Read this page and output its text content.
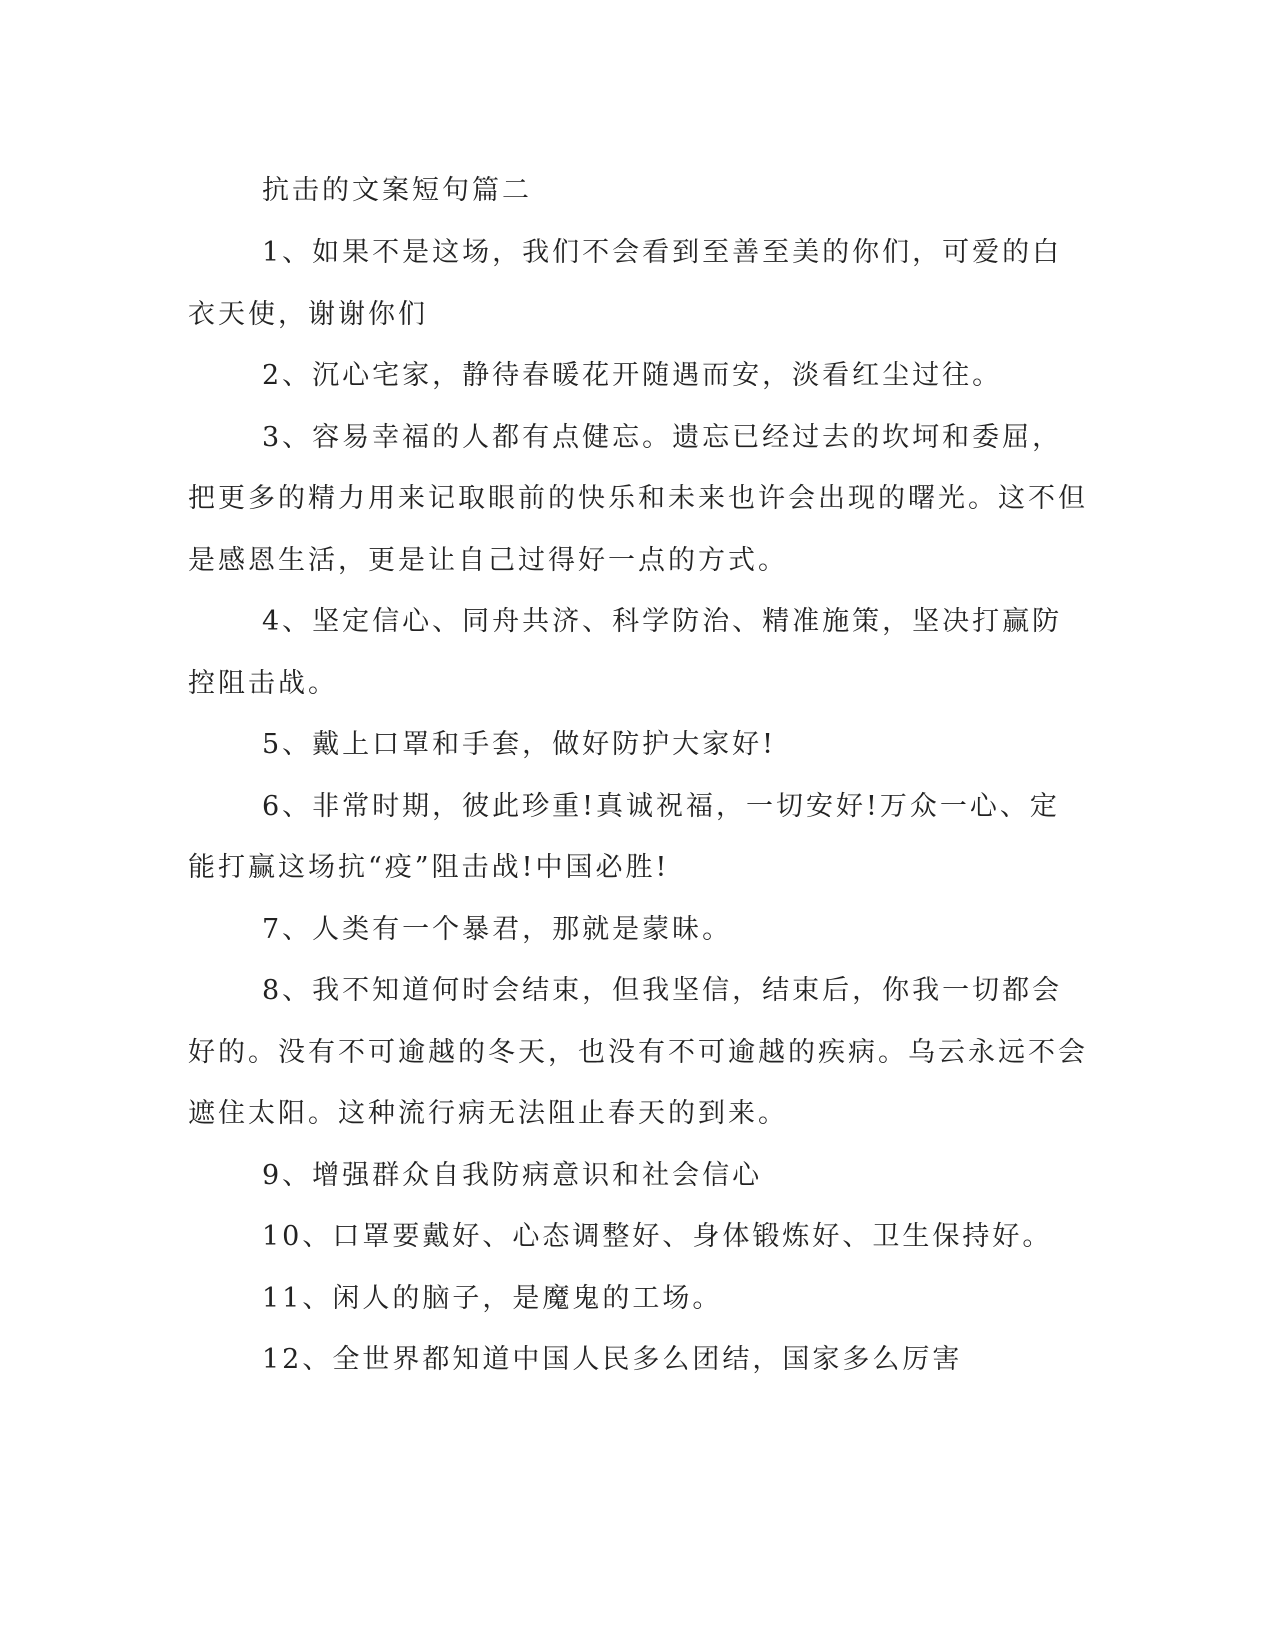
抗击的文案短句篇二

1、如果不是这场，我们不会看到至善至美的你们，可爱的白衣天使，谢谢你们

2、沉心宅家，静待春暖花开随遇而安，淡看红尘过往。

3、容易幸福的人都有点健忘。遗忘已经过去的坎坷和委屈，把更多的精力用来记取眼前的快乐和未来也许会出现的曙光。这不但是感恩生活，更是让自己过得好一点的方式。

4、坚定信心、同舟共济、科学防治、精准施策，坚决打赢防控阻击战。

5、戴上口罩和手套，做好防护大家好!

6、非常时期，彼此珍重!真诚祝福，一切安好!万众一心、定能打赢这场抗“疫”阻击战!中国必胜!

7、人类有一个暴君，那就是蒙昧。

8、我不知道何时会结束，但我坚信，结束后，你我一切都会好的。没有不可逾越的冬天，也没有不可逾越的疾病。乌云永远不会遮住太阳。这种流行病无法阻止春天的到来。

9、增强群众自我防病意识和社会信心

10、口罩要戴好、心态调整好、身体锻炼好、卫生保持好。

11、闲人的脑子，是魔鬼的工场。

12、全世界都知道中国人民多么团结，国家多么厉害
